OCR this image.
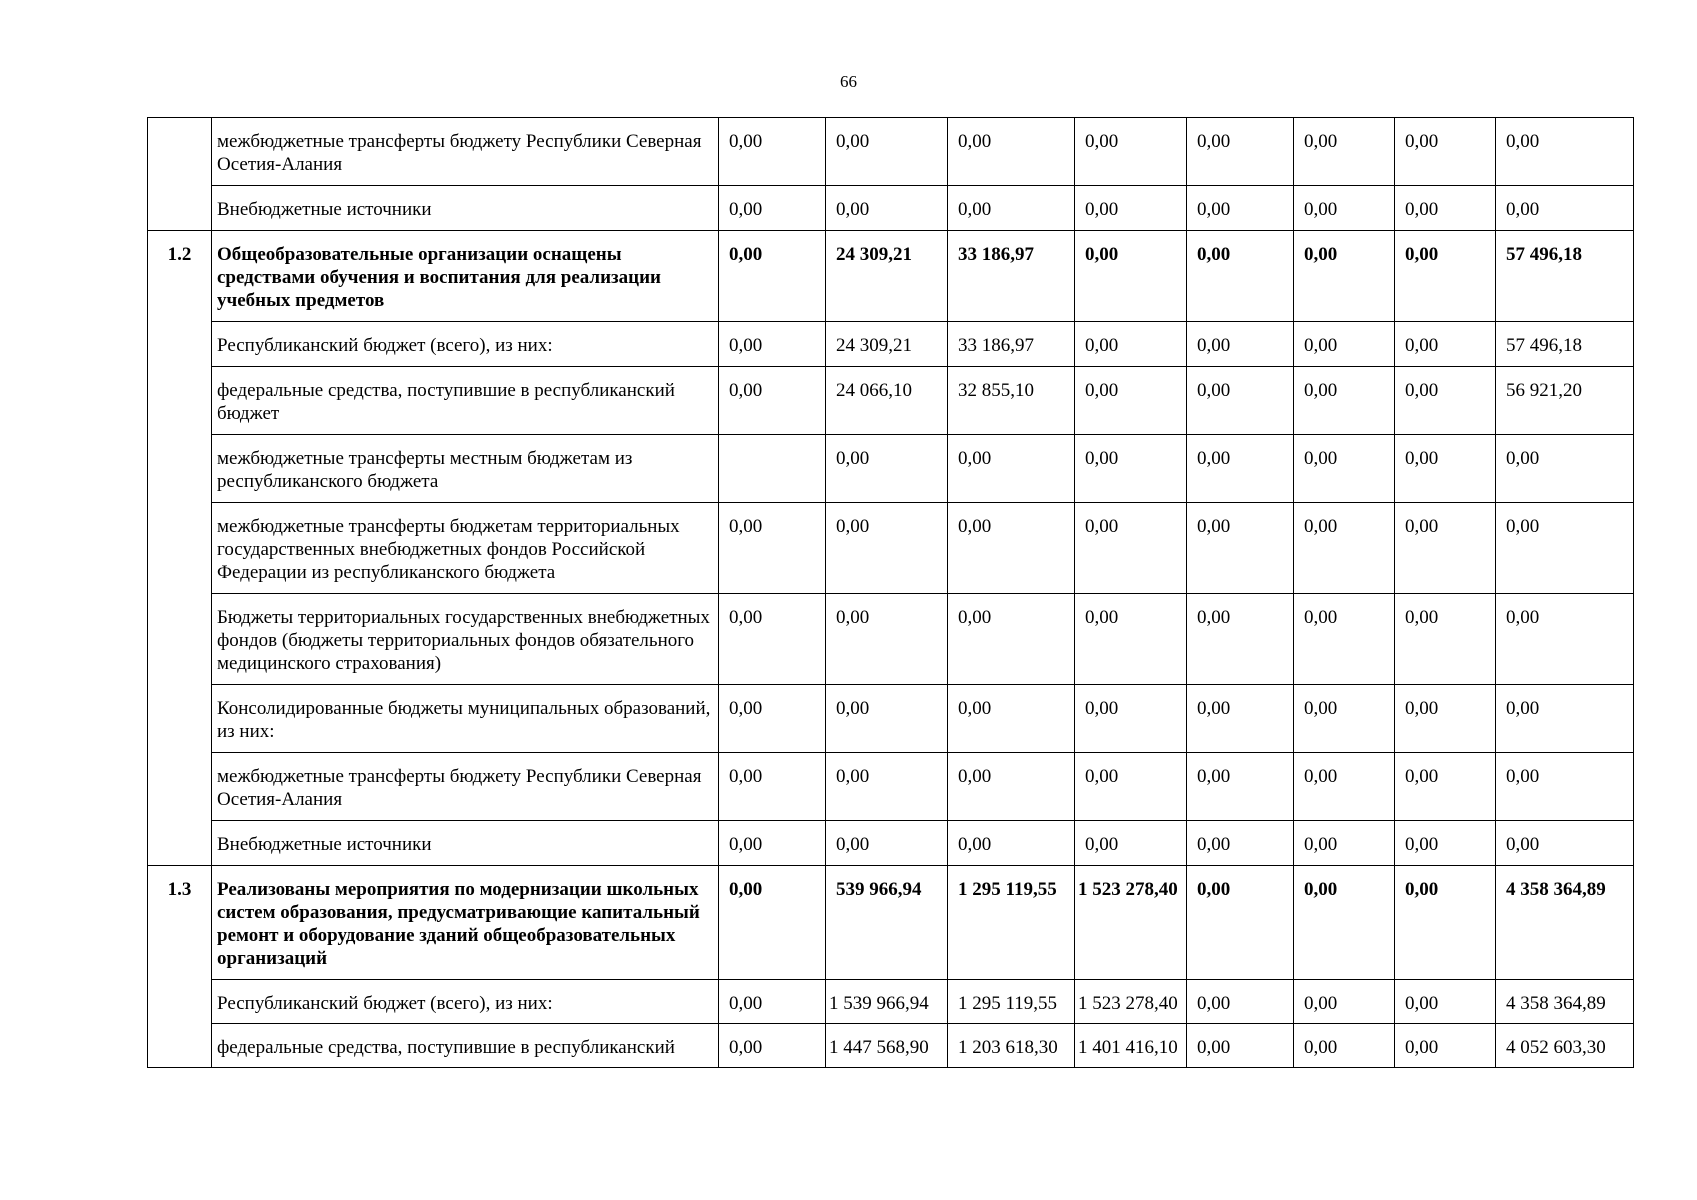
66
	межбюджетные трансферты бюджету Республики Северная Осетия-Алания	0,00	0,00	0,00	0,00	0,00	0,00	0,00	0,00
	Внебюджетные источники	0,00	0,00	0,00	0,00	0,00	0,00	0,00	0,00
1.2	Общеобразовательные организации оснащены средствами обучения и воспитания для реализации учебных предметов	0,00	24 309,21	33 186,97	0,00	0,00	0,00	0,00	57 496,18
	Республиканский бюджет (всего), из них:	0,00	24 309,21	33 186,97	0,00	0,00	0,00	0,00	57 496,18
	федеральные средства, поступившие в республиканский бюджет	0,00	24 066,10	32 855,10	0,00	0,00	0,00	0,00	56 921,20
	межбюджетные трансферты местным бюджетам из республиканского бюджета		0,00	0,00	0,00	0,00	0,00	0,00	0,00
	межбюджетные трансферты бюджетам территориальных государственных внебюджетных фондов Российской Федерации из республиканского бюджета	0,00	0,00	0,00	0,00	0,00	0,00	0,00	0,00
	Бюджеты территориальных государственных внебюджетных фондов (бюджеты территориальных фондов обязательного медицинского страхования)	0,00	0,00	0,00	0,00	0,00	0,00	0,00	0,00
	Консолидированные бюджеты муниципальных образований, из них:	0,00	0,00	0,00	0,00	0,00	0,00	0,00	0,00
	межбюджетные трансферты бюджету Республики Северная Осетия-Алания	0,00	0,00	0,00	0,00	0,00	0,00	0,00	0,00
	Внебюджетные источники	0,00	0,00	0,00	0,00	0,00	0,00	0,00	0,00
1.3	Реализованы мероприятия по модернизации школьных систем образования, предусматривающие капитальный ремонт и оборудование зданий общеобразовательных организаций	0,00	539 966,94	1 295 119,55	1 523 278,40	0,00	0,00	0,00	4 358 364,89
	Республиканский бюджет (всего), из них:	0,00	1 539 966,94	1 295 119,55	1 523 278,40	0,00	0,00	0,00	4 358 364,89
	федеральные средства, поступившие в республиканский	0,00	1 447 568,90	1 203 618,30	1 401 416,10	0,00	0,00	0,00	4 052 603,30
